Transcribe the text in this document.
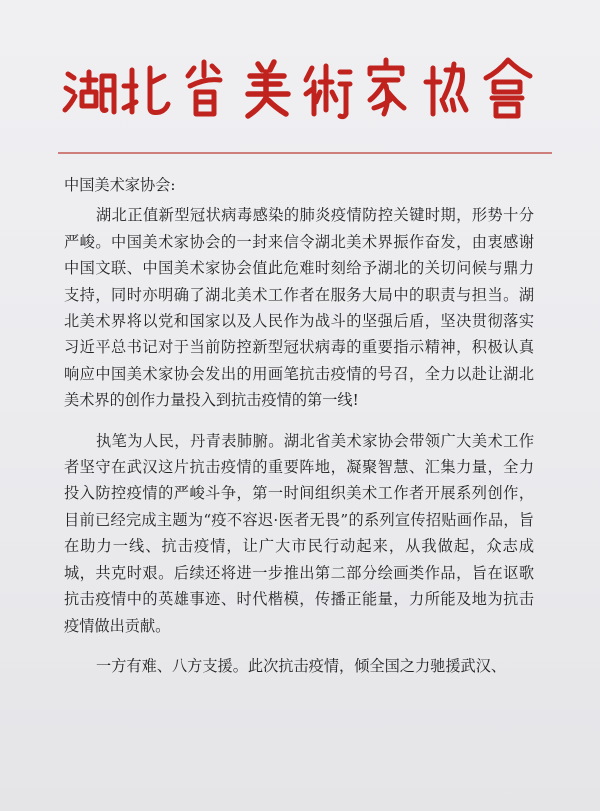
中国美术家协会:

湖北正值新型冠状病毒感染的肺炎疫情防控关键时期，形势十分严峻。中国美术家协会的一封来信令湖北美术界振作奋发，由衷感谢中国文联、中国美术家协会值此危难时刻给予湖北的关切问候与鼎力支持，同时亦明确了湖北美术工作者在服务大局中的职责与担当。湖北美术界将以党和国家以及人民作为战斗的坚强后盾，坚决贯彻落实习近平总书记对于当前防控新型冠状病毒的重要指示精神，积极认真响应中国美术家协会发出的用画笔抗击疫情的号召，全力以赴让湖北美术界的创作力量投入到抗击疫情的第一线!

执笔为人民，丹青表肺腑。湖北省美术家协会带领广大美术工作者坚守在武汉这片抗击疫情的重要阵地，凝聚智慧、汇集力量，全力投入防控疫情的严峻斗争，第一时间组织美术工作者开展系列创作，目前已经完成主题为“疫不容迟·医者无畏”的系列宣传招贴画作品，旨在助力一线、抗击疫情，让广大市民行动起来，从我做起，众志成城，共克时艰。后续还将进一步推出第二部分绘画类作品，旨在讴歌抗击疫情中的英雄事迹、时代楷模，传播正能量，力所能及地为抗击疫情做出贡献。

一方有难、八方支援。此次抗击疫情，倾全国之力驰援武汉、
